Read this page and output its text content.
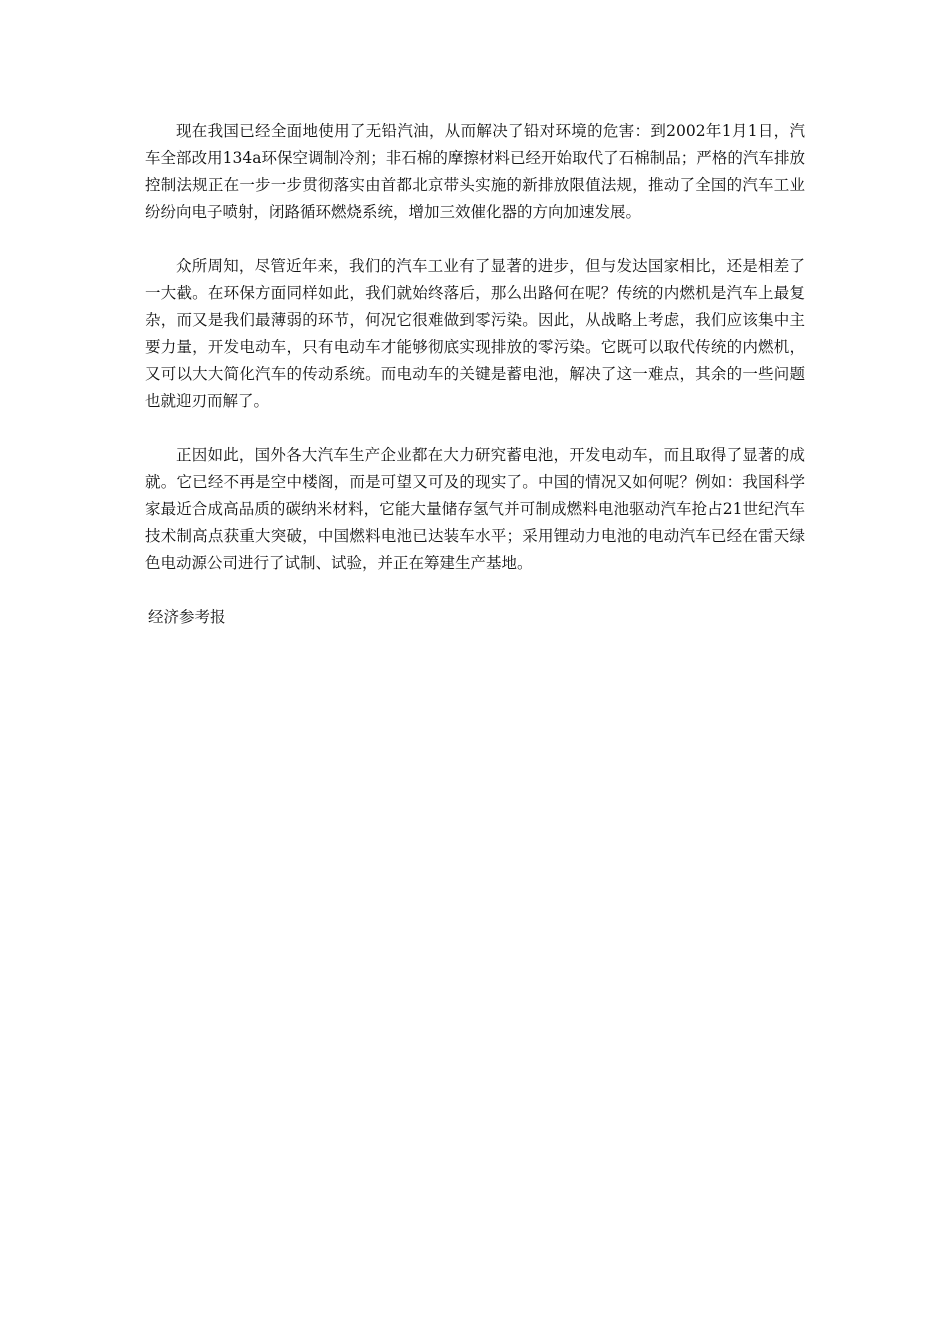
现在我国已经全面地使用了无铅汽油，从而解决了铅对环境的危害：到2002年1月1日，汽车全部改用134a环保空调制冷剂；非石棉的摩擦材料已经开始取代了石棉制品；严格的汽车排放控制法规正在一步一步贯彻落实由首都北京带头实施的新排放限值法规，推动了全国的汽车工业纷纷向电子喷射，闭路循环燃烧系统，增加三效催化器的方向加速发展。

众所周知，尽管近年来，我们的汽车工业有了显著的进步，但与发达国家相比，还是相差了一大截。在环保方面同样如此，我们就始终落后，那么出路何在呢？传统的内燃机是汽车上最复杂，而又是我们最薄弱的环节，何况它很难做到零污染。因此，从战略上考虑，我们应该集中主要力量，开发电动车，只有电动车才能够彻底实现排放的零污染。它既可以取代传统的内燃机，又可以大大简化汽车的传动系统。而电动车的关键是蓄电池，解决了这一难点，其余的一些问题也就迎刃而解了。

正因如此，国外各大汽车生产企业都在大力研究蓄电池，开发电动车，而且取得了显著的成就。它已经不再是空中楼阁，而是可望又可及的现实了。中国的情况又如何呢？例如：我国科学家最近合成高品质的碳纳米材料，它能大量储存氢气并可制成燃料电池驱动汽车抢占21世纪汽车技术制高点获重大突破，中国燃料电池已达装车水平；采用锂动力电池的电动汽车已经在雷天绿色电动源公司进行了试制、试验，并正在筹建生产基地。

经济参考报
